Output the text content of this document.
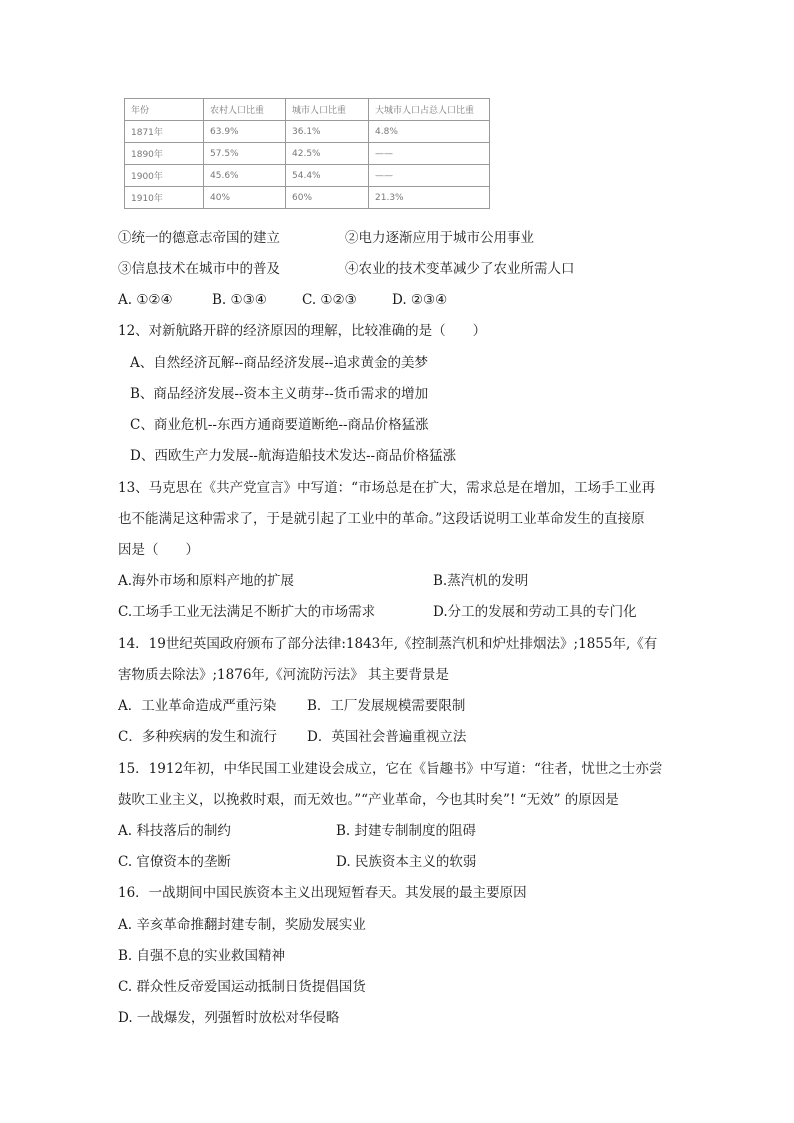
年份	农村人口比重	城市人口比重	大城市人口占总人口比重
1871年	63.9%	36.1%	4.8%
1890年	57.5%	42.5%	——
1900年	45.6%	54.4%	——
1910年	40%	60%	21.3%
①统一的德意志帝国的建立	②电力逐渐应用于城市公用事业
③信息技术在城市中的普及	④农业的技术变革减少了农业所需人口
A. ①②④	B. ①③④	C. ①②③	D. ②③④
12、对新航路开辟的经济原因的理解，比较准确的是（　　）
A、自然经济瓦解--商品经济发展--追求黄金的美梦
B、商品经济发展--资本主义萌芽--货币需求的增加
C、商业危机--东西方通商要道断绝--商品价格猛涨
D、西欧生产力发展--航海造船技术发达--商品价格猛涨
13、马克思在《共产党宣言》中写道：“市场总是在扩大，需求总是在增加，工场手工业再
也不能满足这种需求了，于是就引起了工业中的革命。”这段话说明工业革命发生的直接原
因是（　　）
A.海外市场和原料产地的扩展	B.蒸汽机的发明
C.工场手工业无法满足不断扩大的市场需求	D.分工的发展和劳动工具的专门化
14．19世纪英国政府颁布了部分法律:1843年,《控制蒸汽机和炉灶排烟法》;1855年,《有
害物质去除法》;1876年,《河流防污法》 其主要背景是
A．工业革命造成严重污染 B．工厂发展规模需要限制
C．多种疾病的发生和流行 D．英国社会普遍重视立法
15．1912年初，中华民国工业建设会成立，它在《旨趣书》中写道：“往者，忧世之士亦尝
鼓吹工业主义，以挽救时艰，而无效也。”“产业革命，今也其时矣”! “无效” 的原因是
A. 科技落后的制约	B. 封建专制制度的阻碍
C. 官僚资本的垄断	D. 民族资本主义的软弱
16．一战期间中国民族资本主义出现短暂春天。其发展的最主要原因
A. 辛亥革命推翻封建专制，奖励发展实业
B. 自强不息的实业救国精神
C. 群众性反帝爱国运动抵制日货提倡国货
D. 一战爆发，列强暂时放松对华侵略
